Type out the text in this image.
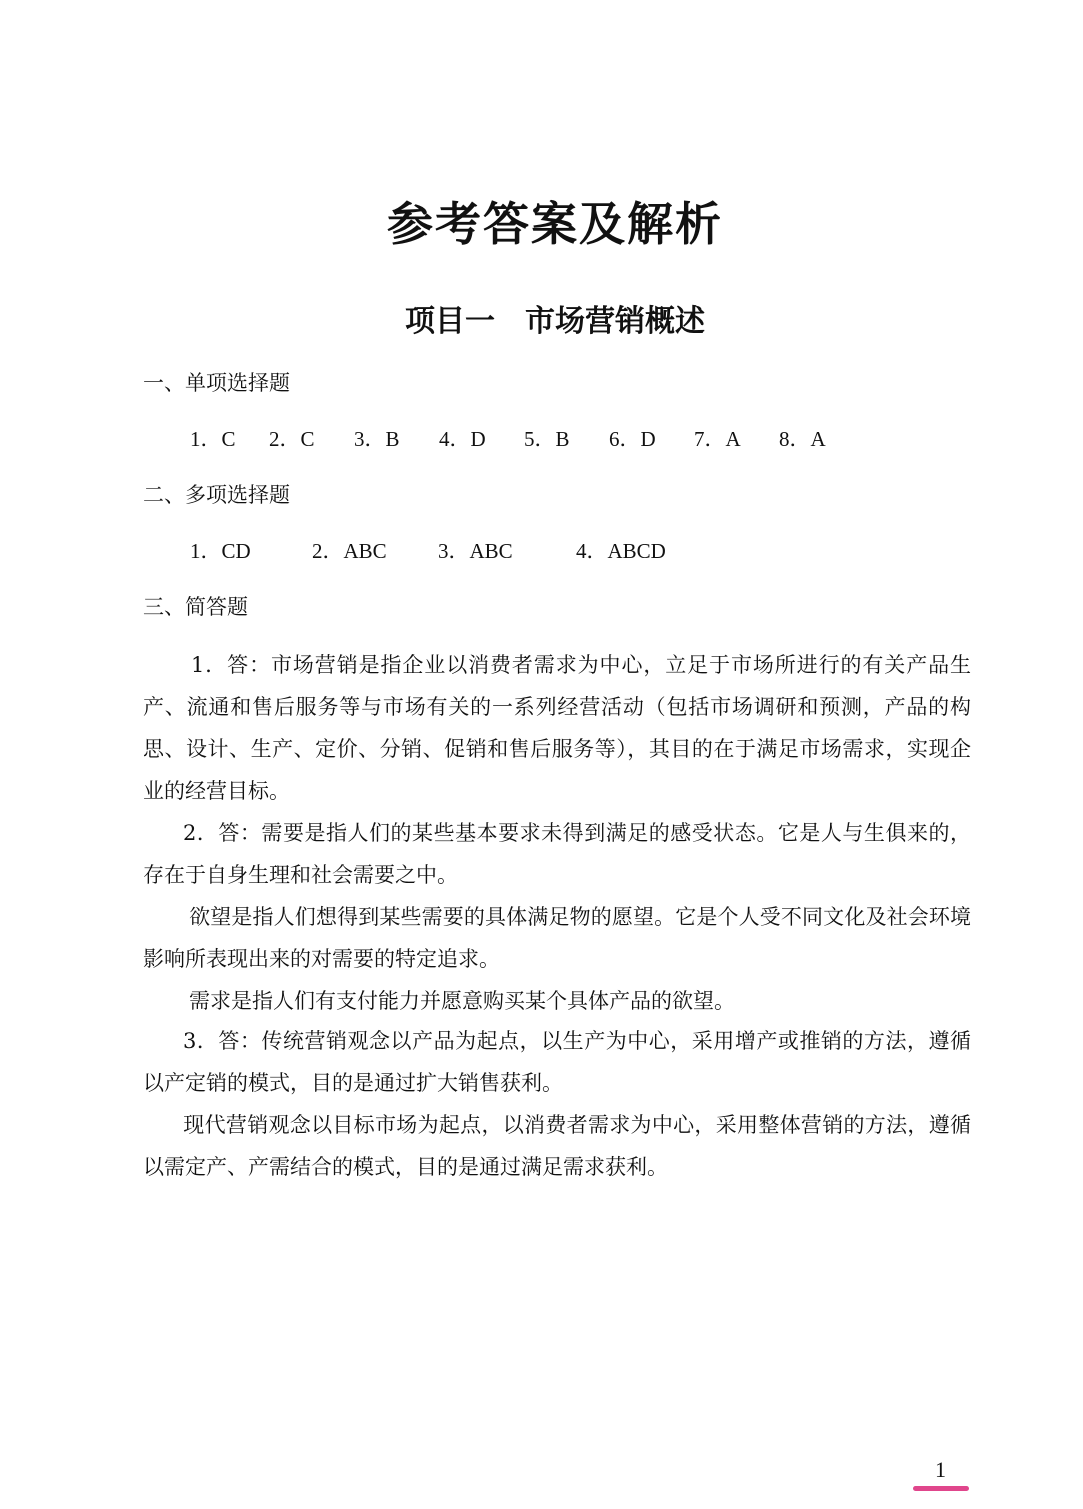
参考答案及解析
项目一　市场营销概述
一、单项选择题
1．C 2．C 3．B 4．D 5．B 6．D 7．A 8．A
二、多项选择题
1．CD	2．ABC 3．ABC	4．ABCD
三、简答题
1．答：市场营销是指企业以消费者需求为中心，立足于市场所进行的有关产品生产、流通和售后服务等与市场有关的一系列经营活动（包括市场调研和预测，产品的构思、设计、生产、定价、分销、促销和售后服务等），其目的在于满足市场需求，实现企业的经营目标。
2．答：需要是指人们的某些基本要求未得到满足的感受状态。它是人与生俱来的，存在于自身生理和社会需要之中。
欲望是指人们想得到某些需要的具体满足物的愿望。它是个人受不同文化及社会环境影响所表现出来的对需要的特定追求。
需求是指人们有支付能力并愿意购买某个具体产品的欲望。
3．答：传统营销观念以产品为起点，以生产为中心，采用增产或推销的方法，遵循以产定销的模式，目的是通过扩大销售获利。
现代营销观念以目标市场为起点，以消费者需求为中心，采用整体营销的方法，遵循以需定产、产需结合的模式，目的是通过满足需求获利。
1
